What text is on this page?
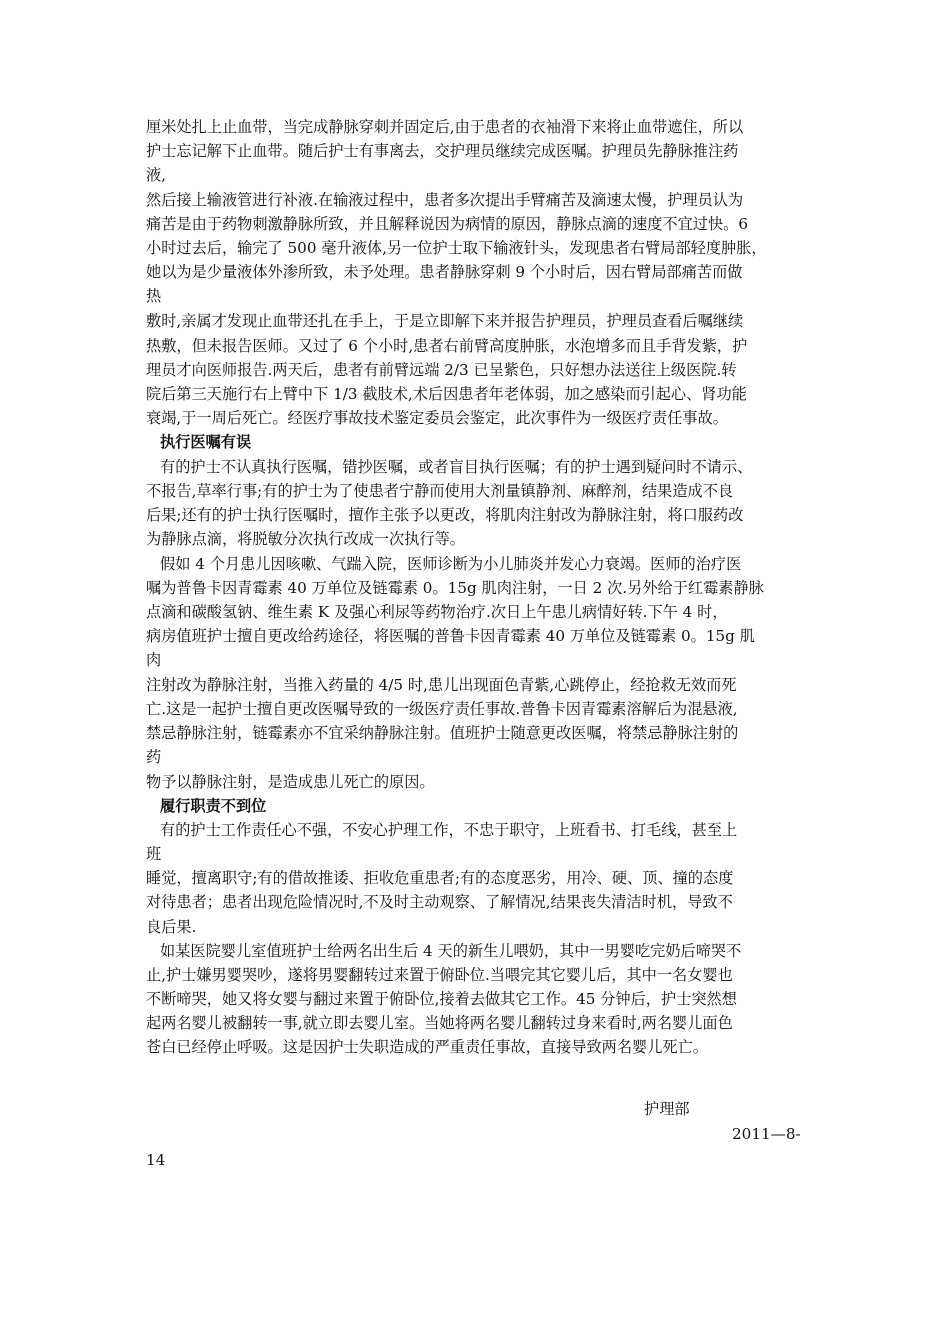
厘米处扎上止血带，当完成静脉穿刺并固定后,由于患者的衣袖滑下来将止血带遮住，所以
护士忘记解下止血带。随后护士有事离去，交护理员继续完成医嘱。护理员先静脉推注药
液,
然后接上输液管进行补液.在输液过程中，患者多次提出手臂痛苦及滴速太慢，护理员认为
痛苦是由于药物刺激静脉所致，并且解释说因为病情的原因，静脉点滴的速度不宜过快。6
小时过去后，输完了 500 毫升液体,另一位护士取下输液针头，发现患者右臂局部轻度肿胀，
她以为是少量液体外渗所致，未予处理。患者静脉穿刺 9 个小时后，因右臂局部痛苦而做
热
敷时,亲属才发现止血带还扎在手上，于是立即解下来并报告护理员，护理员查看后嘱继续
热敷，但未报告医师。又过了 6 个小时,患者右前臂高度肿胀，水泡增多而且手背发紫，护
理员才向医师报告.两天后，患者有前臂远端 2/3 已呈紫色，只好想办法送往上级医院.转
院后第三天施行右上臂中下 1/3 截肢术,术后因患者年老体弱，加之感染而引起心、肾功能
衰竭,于一周后死亡。经医疗事故技术鉴定委员会鉴定，此次事件为一级医疗责任事故。
执行医嘱有误
有的护士不认真执行医嘱，错抄医嘱，或者盲目执行医嘱；有的护士遇到疑问时不请示、
不报告,草率行事;有的护士为了使患者宁静而使用大剂量镇静剂、麻醉剂，结果造成不良
后果;还有的护士执行医嘱时，擅作主张予以更改，将肌肉注射改为静脉注射，将口服药改
为静脉点滴，将脱敏分次执行改成一次执行等。
假如 4 个月患儿因咳嗽、气踹入院，医师诊断为小儿肺炎并发心力衰竭。医师的治疗医
嘱为普鲁卡因青霉素 40 万单位及链霉素 0。15g 肌肉注射，一日 2 次.另外给于红霉素静脉
点滴和碳酸氢钠、维生素 K 及强心利尿等药物治疗.次日上午患儿病情好转.下午 4 时，
病房值班护士擅自更改给药途径，将医嘱的普鲁卡因青霉素 40 万单位及链霉素 0。15g 肌
肉
注射改为静脉注射，当推入药量的 4/5 时,患儿出现面色青紫,心跳停止，经抢救无效而死
亡.这是一起护士擅自更改医嘱导致的一级医疗责任事故.普鲁卡因青霉素溶解后为混悬液,
禁忌静脉注射，链霉素亦不宜采纳静脉注射。值班护士随意更改医嘱，将禁忌静脉注射的
药
物予以静脉注射，是造成患儿死亡的原因。
履行职责不到位
有的护士工作责任心不强，不安心护理工作，不忠于职守，上班看书、打毛线，甚至上
班
睡觉，擅离职守;有的借故推诿、拒收危重患者;有的态度恶劣，用冷、硬、顶、撞的态度
对待患者；患者出现危险情况时,不及时主动观察、了解情况,结果丧失清洁时机，导致不
良后果.
如某医院婴儿室值班护士给两名出生后 4 天的新生儿喂奶，其中一男婴吃完奶后啼哭不
止,护士嫌男婴哭吵，遂将男婴翻转过来置于俯卧位.当喂完其它婴儿后，其中一名女婴也
不断啼哭，她又将女婴与翻过来置于俯卧位,接着去做其它工作。45 分钟后，护士突然想
起两名婴儿被翻转一事,就立即去婴儿室。当她将两名婴儿翻转过身来看时,两名婴儿面色
苍白已经停止呼吸。这是因护士失职造成的严重责任事故，直接导致两名婴儿死亡。
护理部
2011—8-
14
